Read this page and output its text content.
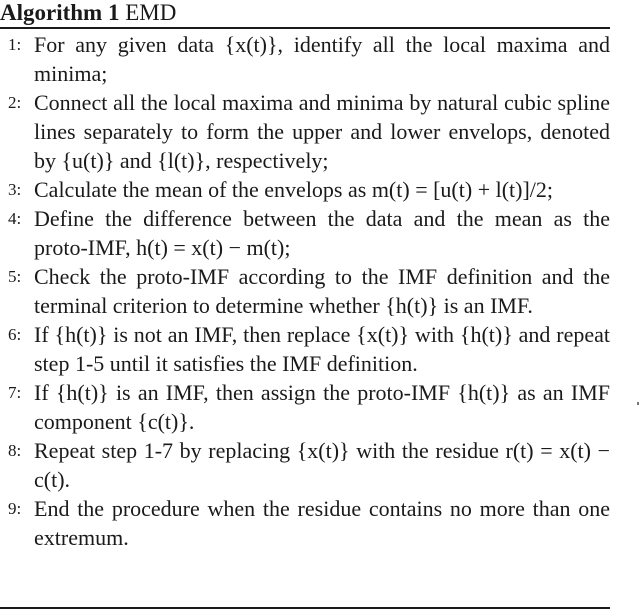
Algorithm 1 EMD
1 : For any given data {x(t)}, identify all the local maxima and minima;
2 : Connect all the local maxima and minima by natural cubic spline lines separately to form the upper and lower envelops, denoted by {u(t)} and {l(t)}, respectively;
3 : Calculate the mean of the envelops as m(t) = [u(t) + l(t)]/2;
4 : Define the difference between the data and the mean as the proto-IMF, h(t) = x(t) − m(t);
5 : Check the proto-IMF according to the IMF definition and the terminal criterion to determine whether {h(t)} is an IMF.
6 : If {h(t)} is not an IMF, then replace {x(t)} with {h(t)} and repeat step 1-5 until it satisfies the IMF definition.
7 : If {h(t)} is an IMF, then assign the proto-IMF {h(t)} as an IMF component {c(t)}.
8 : Repeat step 1-7 by replacing {x(t)} with the residue r(t) = x(t) − c(t).
9 : End the procedure when the residue contains no more than one extremum.
